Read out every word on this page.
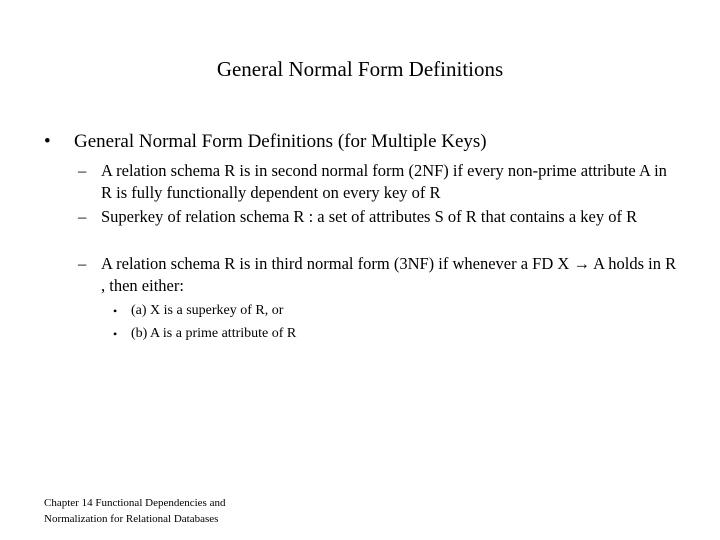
General Normal Form Definitions
• General Normal Form Definitions (for Multiple Keys)
– A relation schema R is in second normal form (2NF) if every non-prime attribute A in R is fully functionally dependent on every key of R
– Superkey of relation schema R : a set of attributes S of R that contains a key of R
– A relation schema R is in third normal form (3NF) if whenever a FD X → A holds in R , then either:
• (a) X is a superkey of R, or
• (b) A is a prime attribute of R
Chapter 14 Functional Dependencies and
Normalization for Relational Databases
